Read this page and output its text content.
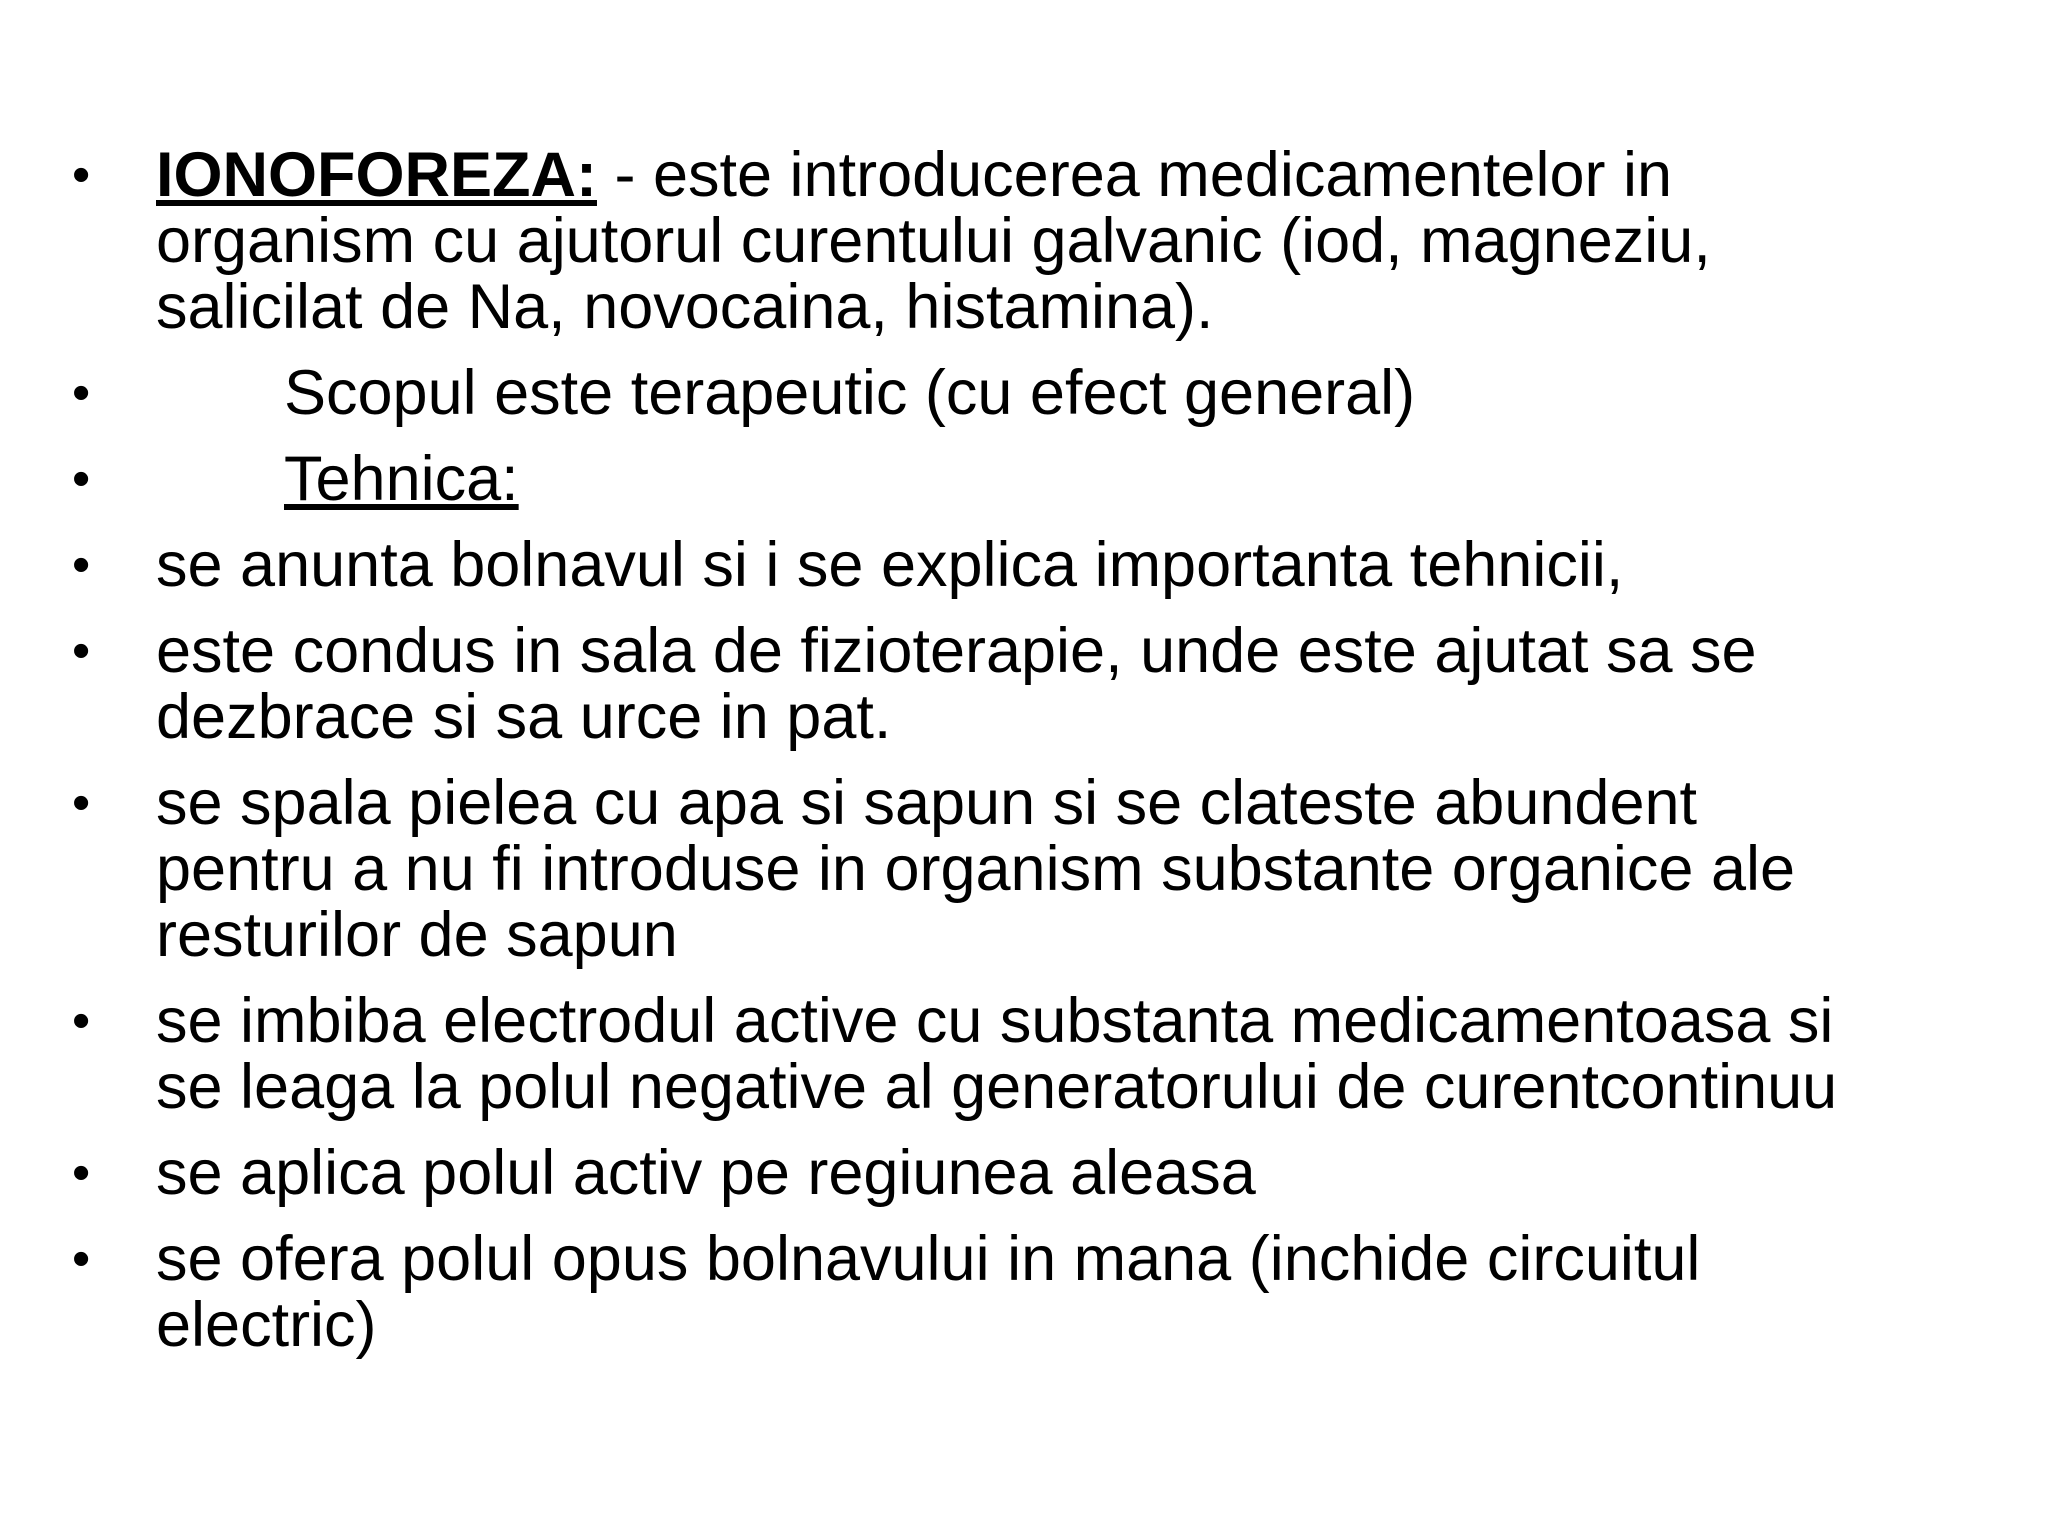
• IONOFOREZA: - este introducerea medicamentelor in
organism cu ajutorul curentului galvanic (iod, magneziu,
salicilat de Na, novocaina, histamina).
•	Scopul este terapeutic (cu efect general)
•	Tehnica:
• se anunta bolnavul si i se explica importanta tehnicii,
• este condus in sala de fizioterapie, unde este ajutat sa se
dezbrace si sa urce in pat.
• se spala pielea cu apa si sapun si se clateste abundent
pentru a nu fi introduse in organism substante organice ale
resturilor de sapun
• se imbiba electrodul active cu substanta medicamentoasa si
se leaga la polul negative al generatorului de curentcontinuu
• se aplica polul activ pe regiunea aleasa
• se ofera polul opus bolnavului in mana (inchide circuitul
electric)
